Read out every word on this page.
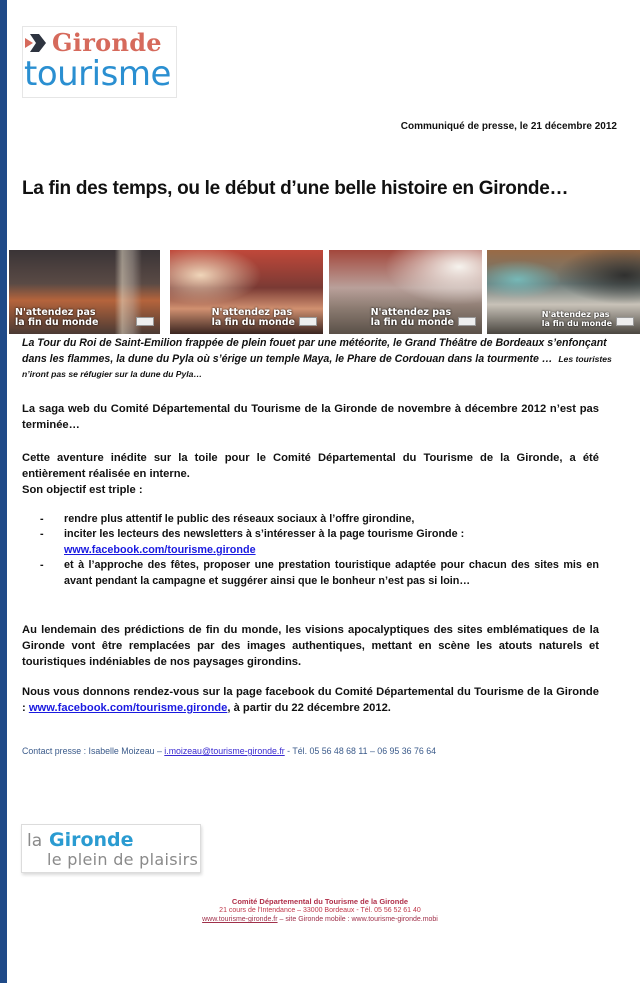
Gironde
tourisme
Communiqué de presse, le 21 décembre 2012
La fin des temps, ou le début d’une belle histoire en Gironde…
N'attendez pas
la fin du monde
N'attendez pas
la fin du monde
N'attendez pas
la fin du monde
N'attendez pas
la fin du monde
La Tour du Roi de Saint-Emilion frappée de plein fouet par une météorite, le Grand Théâtre de Bordeaux s’enfonçant dans les flammes, la dune du Pyla où s’érige un temple Maya, le Phare de Cordouan dans la tourmente … Les touristes n’iront pas se réfugier sur la dune du Pyla…
La saga web du Comité Départemental du Tourisme de la Gironde de novembre à décembre 2012 n’est pas terminée…
Cette aventure inédite sur la toile pour le Comité Départemental du Tourisme de la Gironde, a été entièrement réalisée en interne.
Son objectif est triple :
-	rendre plus attentif le public des réseaux sociaux à l’offre girondine,
-	inciter les lecteurs des newsletters à s’intéresser à la page tourisme Gironde :
www.facebook.com/tourisme.gironde
-	et à l’approche des fêtes, proposer une prestation touristique adaptée pour chacun des sites mis en avant pendant la campagne et suggérer ainsi que le bonheur n’est pas si loin…
Au lendemain des prédictions de fin du monde, les visions apocalyptiques des sites emblématiques de la Gironde vont être remplacées par des images authentiques, mettant en scène les atouts naturels et touristiques indéniables de nos paysages girondins.
Nous vous donnons rendez-vous sur la page facebook du Comité Départemental du Tourisme de la Gironde : www.facebook.com/tourisme.gironde, à partir du 22 décembre 2012.
Contact presse : Isabelle Moizeau – i.moizeau@tourisme-gironde.fr - Tél. 05 56 48 68 11 – 06 95 36 76 64
la Gironde
le plein de plaisirs
Comité Départemental du Tourisme de la Gironde
21 cours de l'Intendance – 33000 Bordeaux - Tél. 05 56 52 61 40
www.tourisme-gironde.fr – site Gironde mobile : www.tourisme-gironde.mobi
